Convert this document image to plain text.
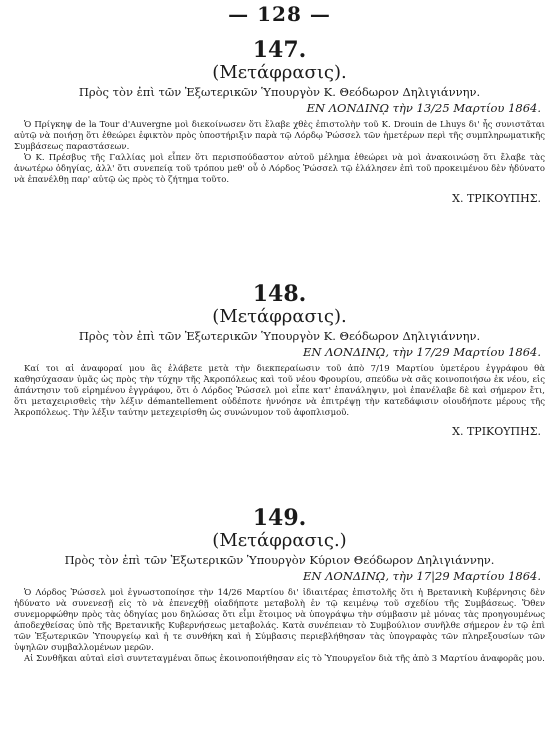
— 128 —
147.
(Μετάφρασις).
Πρὸς τὸν ἐπὶ τῶν Ἐξωτερικῶν Ὑπουργὸν Κ. Θεόδωρον Δηλιγιάννην.
ΕΝ ΛΟΝΔΙΝῼ τὴν 13/25 Μαρτίου 1864.

Ὁ Πρίγκηψ de la Tour d'Auvergne μοὶ διεκοίνωσεν ὅτι ἔλαβε χθὲς ἐπιστολὴν τοῦ Κ. Drouin de Lhuys δι' ἧς συνιστᾶται αὐτῷ νὰ ποιήσῃ ὅτι ἐθεώρει ἐφικτὸν πρὸς ὑποστήριξιν παρὰ τῷ Λόρδῳ Ῥώσσελ τῶν ἡμετέρων περὶ τῆς συμπληρωματικῆς Συμβάσεως παραστάσεων.

Ὁ Κ. Πρέσβυς τῆς Γαλλίας μοὶ εἶπεν ὅτι περισπούδαστον αὐτοῦ μέλημα ἐθεώρει νὰ μοὶ ἀνακοινώσῃ ὅτι ἔλαβε τὰς ἀνωτέρω ὁδηγίας, ἀλλ' ὅτι συνεπείᾳ τοῦ τρόπου μεθ' οὗ ὁ Λόρδος Ῥώσσελ τῷ ἐλάλησεν ἐπὶ τοῦ προκειμένου δὲν ἠδύνατο νὰ ἐπανέλθῃ παρ' αὐτῷ ὡς πρὸς τὸ ζήτημα τοῦτο.

Χ. ΤΡΙΚΟΥΠΗΣ.
148.
(Μετάφρασις).
Πρὸς τὸν ἐπὶ τῶν Ἐξωτερικῶν Ὑπουργὸν Κ. Θεόδωρον Δηλιγιάννην.
ΕΝ ΛΟΝΔΙΝῼ, τὴν 17/29 Μαρτίου 1864.

Καί τοι αἱ ἀναφοραί μου ἃς ἐλάβετε μετὰ τὴν διεκπεραίωσιν τοῦ ἀπὸ 7/19 Μαρτίου ὑμετέρου ἐγγράφου θὰ καθησύχασαν ὑμᾶς ὡς πρὸς τὴν τύχην τῆς Ἀκροπόλεως καὶ τοῦ νέου Φρουρίου, σπεύδω νὰ σᾶς κοινοποιήσω ἐκ νέου, εἰς ἀπάντησιν τοῦ εἰρημένου ἐγγράφου, ὅτι ὁ Λόρδος Ῥώσσελ μοὶ εἶπε κατ' ἐπανάληψιν, μοὶ ἐπανέλαβε δὲ καὶ σήμερον ἔτι, ὅτι μεταχειρισθεὶς τὴν λέξιν démantellement οὐδέποτε ἠννόησε νὰ ἐπιτρέψῃ τὴν κατεδάφισιν οἱουδήποτε μέρους τῆς Ἀκροπόλεως. Τὴν λέξιν ταύτην μετεχειρίσθη ὡς συνώνυμον τοῦ ἀφοπλισμοῦ.

Χ. ΤΡΙΚΟΥΠΗΣ.
149.
(Μετάφρασις.)
Πρὸς τὸν ἐπὶ τῶν Ἐξωτερικῶν Ὑπουργὸν Κύριον Θεόδωρον Δηλιγιάννην.
ΕΝ ΛΟΝΔΙΝῼ, τὴν 17|29 Μαρτίου 1864.

Ὁ Λόρδος Ῥώσσελ μοὶ ἐγνωστοποίησε τὴν 14/26 Μαρτίου δι' ἰδιαιτέρας ἐπιστολῆς ὅτι ἡ Βρετανικὴ Κυβέρνησις δὲν ἠδύνατο νὰ συνενεσῇ εἰς τὸ νὰ ἐπενεχθῇ οἱαδήποτε μεταβολὴ ἐν τῷ κειμένῳ τοῦ σχεδίου τῆς Συμβάσεως. Ὅθεν συνεμορφώθην πρὸς τὰς ὁδηγίας μου δηλώσας ὅτι εἶμι ἕτοιμος νὰ ὑπογράψω τὴν σύμβασιν μὲ μόνας τὰς προηγουμένως ἀποδεχθείσας ὑπὸ τῆς Βρετανικῆς Κυβερνήσεως μεταβολάς. Κατὰ συνέπειαν τὸ Συμβούλιον συνῆλθε σήμερον ἐν τῷ ἐπὶ τῶν Ἐξωτερικῶν Ὑπουργείῳ καὶ ἡ τε συνθήκη καὶ ἡ Σύμβασις περιεβλήθησαν τὰς ὑπογραφὰς τῶν πληρεξουσίων τῶν ὑψηλῶν συμβαλλομένων μερῶν.

Αἱ Συνθῆκαι αὐταὶ εἰσὶ συντεταγμέναι ὅπως ἐκοινοποιήθησαν εἰς τὸ Ὑπουργεῖον διὰ τῆς ἀπὸ 3 Μαρτίου ἀναφορᾶς μου.
